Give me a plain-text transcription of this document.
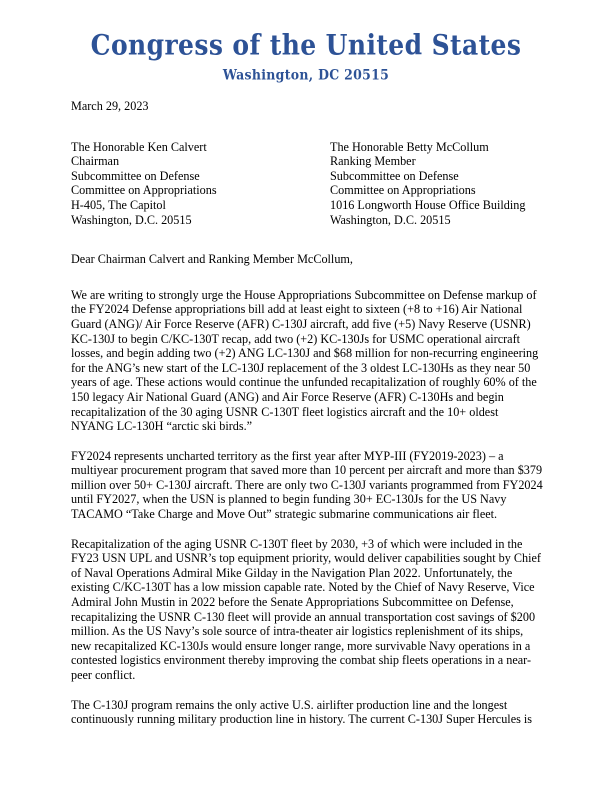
Congress of the United States
Washington, DC 20515
March 29, 2023
The Honorable Ken Calvert
Chairman
Subcommittee on Defense
Committee on Appropriations
H-405, The Capitol
Washington, D.C. 20515
The Honorable Betty McCollum
Ranking Member
Subcommittee on Defense
Committee on Appropriations
1016 Longworth House Office Building
Washington, D.C. 20515
Dear Chairman Calvert and Ranking Member McCollum,
We are writing to strongly urge the House Appropriations Subcommittee on Defense markup of the FY2024 Defense appropriations bill add at least eight to sixteen (+8 to +16) Air National Guard (ANG)/ Air Force Reserve (AFR) C-130J aircraft, add five (+5) Navy Reserve (USNR) KC-130J to begin C/KC-130T recap, add two (+2) KC-130Js for USMC operational aircraft losses, and begin adding two (+2) ANG LC-130J and $68 million for non-recurring engineering for the ANG’s new start of the LC-130J replacement of the 3 oldest LC-130Hs as they near 50 years of age. These actions would continue the unfunded recapitalization of roughly 60% of the 150 legacy Air National Guard (ANG) and Air Force Reserve (AFR) C-130Hs and begin recapitalization of the 30 aging USNR C-130T fleet logistics aircraft and the 10+ oldest NYANG LC-130H “arctic ski birds.”
FY2024 represents uncharted territory as the first year after MYP-III (FY2019-2023) – a multiyear procurement program that saved more than 10 percent per aircraft and more than $379 million over 50+ C-130J aircraft. There are only two C-130J variants programmed from FY2024 until FY2027, when the USN is planned to begin funding 30+ EC-130Js for the US Navy TACAMO “Take Charge and Move Out” strategic submarine communications air fleet.
Recapitalization of the aging USNR C-130T fleet by 2030, +3 of which were included in the FY23 USN UPL and USNR’s top equipment priority, would deliver capabilities sought by Chief of Naval Operations Admiral Mike Gilday in the Navigation Plan 2022. Unfortunately, the existing C/KC-130T has a low mission capable rate. Noted by the Chief of Navy Reserve, Vice Admiral John Mustin in 2022 before the Senate Appropriations Subcommittee on Defense, recapitalizing the USNR C-130 fleet will provide an annual transportation cost savings of $200 million. As the US Navy’s sole source of intra-theater air logistics replenishment of its ships, new recapitalized KC-130Js would ensure longer range, more survivable Navy operations in a contested logistics environment thereby improving the combat ship fleets operations in a near-peer conflict.
The C-130J program remains the only active U.S. airlifter production line and the longest continuously running military production line in history. The current C-130J Super Hercules is
